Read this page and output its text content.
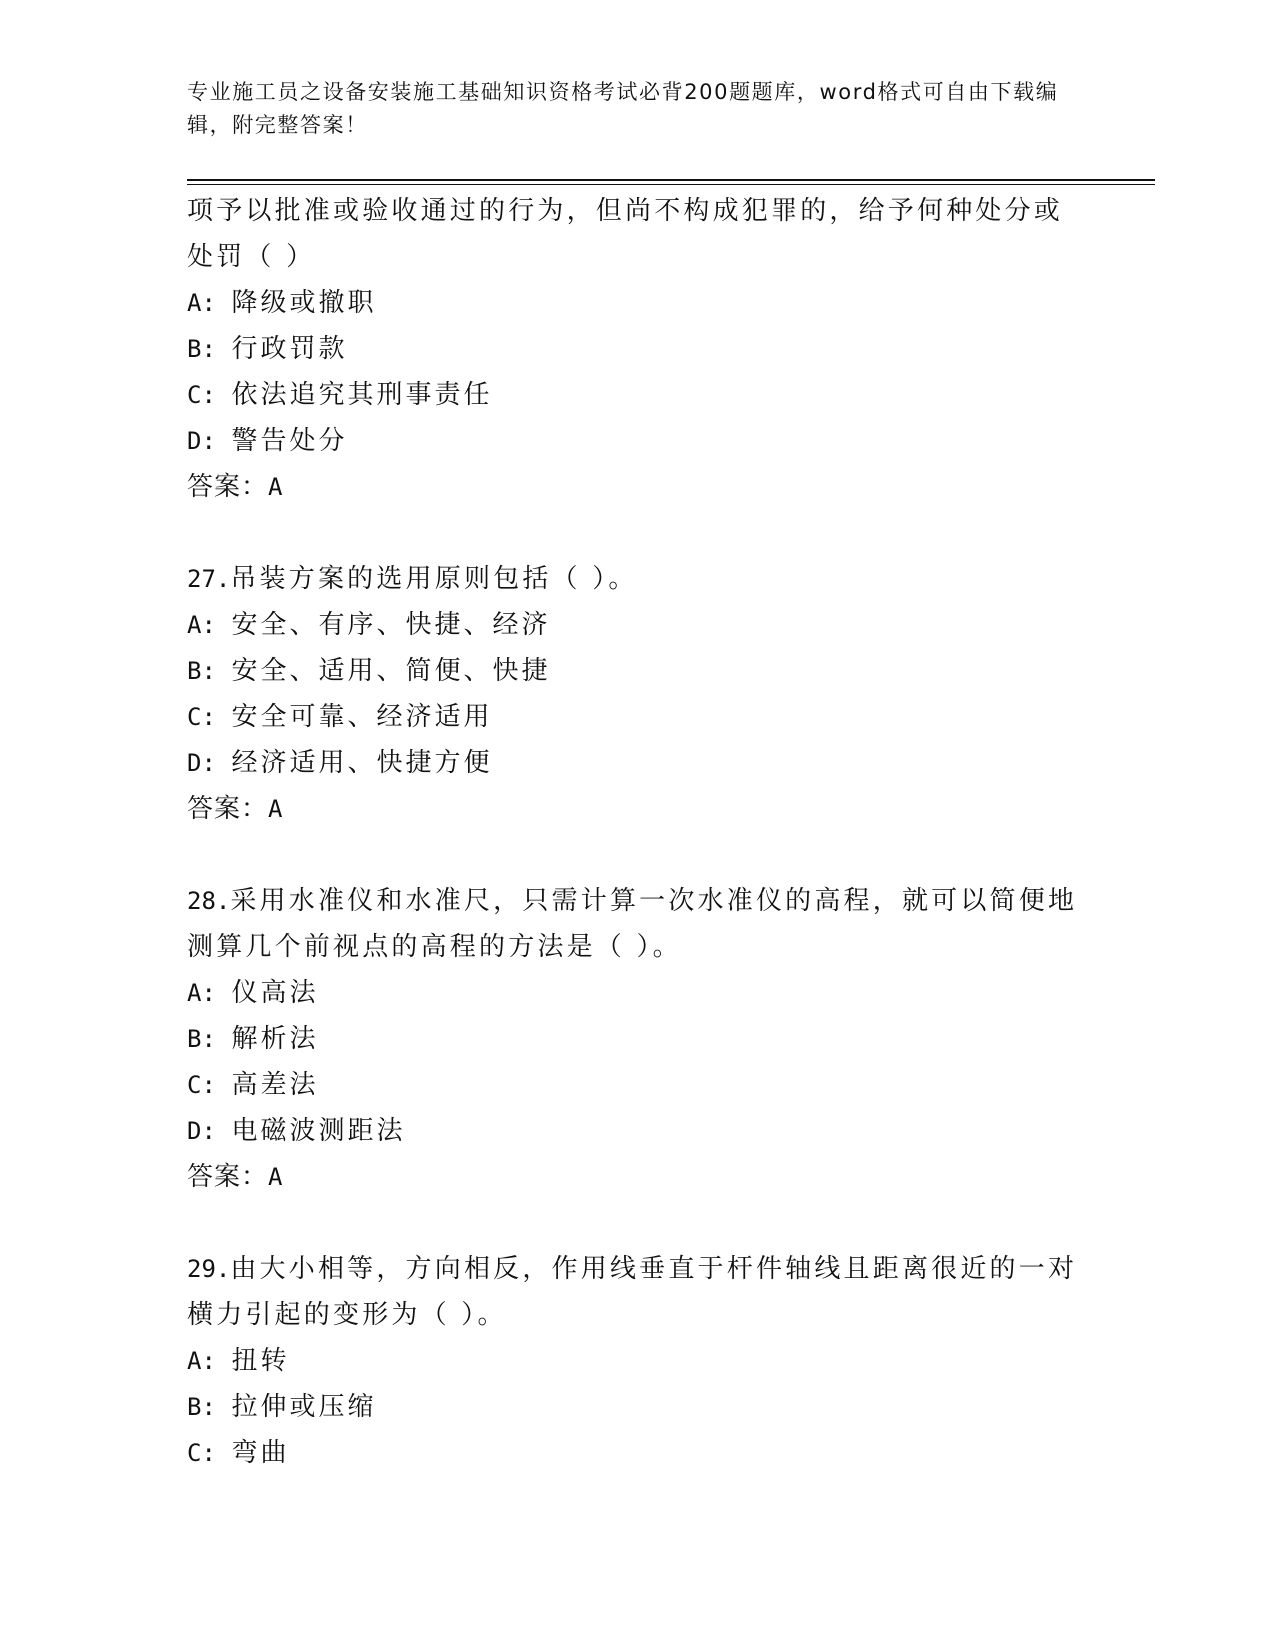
专业施工员之设备安装施工基础知识资格考试必背200题题库，word格式可自由下载编辑，附完整答案！
项予以批准或验收通过的行为，但尚不构成犯罪的，给予何种处分或处罚（ ）
A: 降级或撤职
B: 行政罚款
C: 依法追究其刑事责任
D: 警告处分
答案：A
27.吊装方案的选用原则包括（ ）。
A: 安全、有序、快捷、经济
B: 安全、适用、简便、快捷
C: 安全可靠、经济适用
D: 经济适用、快捷方便
答案：A
28.采用水准仪和水准尺，只需计算一次水准仪的高程，就可以简便地测算几个前视点的高程的方法是（ ）。
A: 仪高法
B: 解析法
C: 高差法
D: 电磁波测距法
答案：A
29.由大小相等，方向相反，作用线垂直于杆件轴线且距离很近的一对横力引起的变形为（ ）。
A: 扭转
B: 拉伸或压缩
C: 弯曲
